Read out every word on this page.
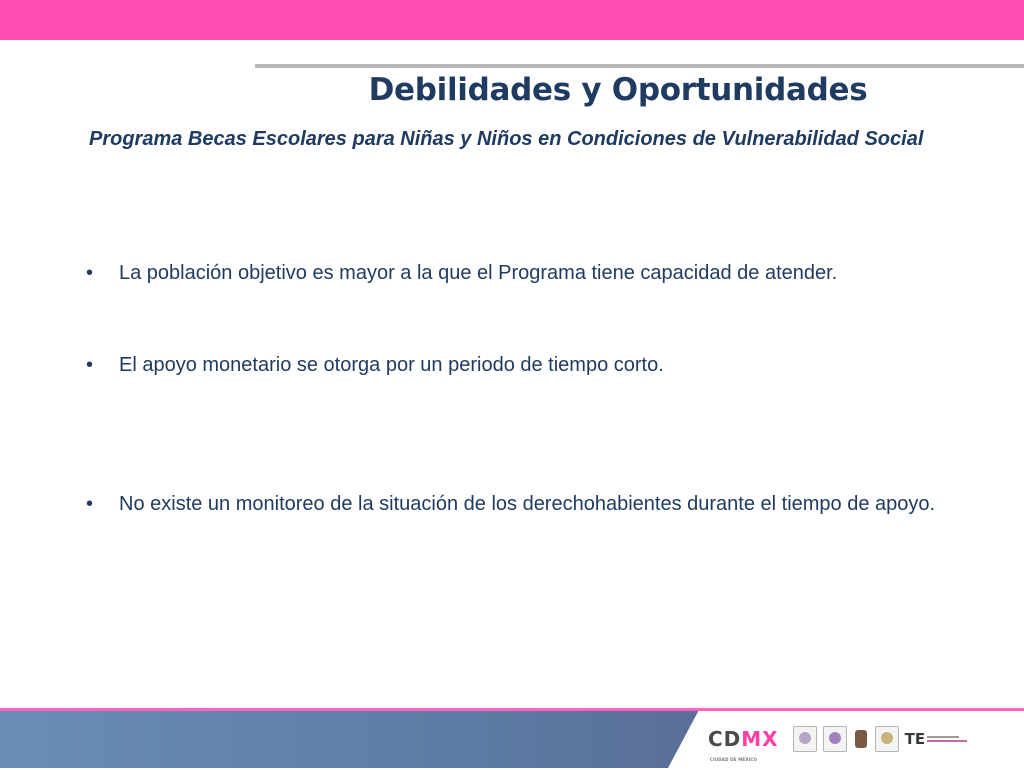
Debilidades y Oportunidades
Programa Becas Escolares para Niñas y Niños en Condiciones de Vulnerabilidad Social
•	La población objetivo es mayor a la que el Programa tiene capacidad de atender.
•	El apoyo monetario se otorga por un periodo de tiempo corto.
•	No existe un monitoreo de la situación de los derechohabientes durante el tiempo de apoyo.
CDMX
CIUDAD DE MÉXICO
TE
